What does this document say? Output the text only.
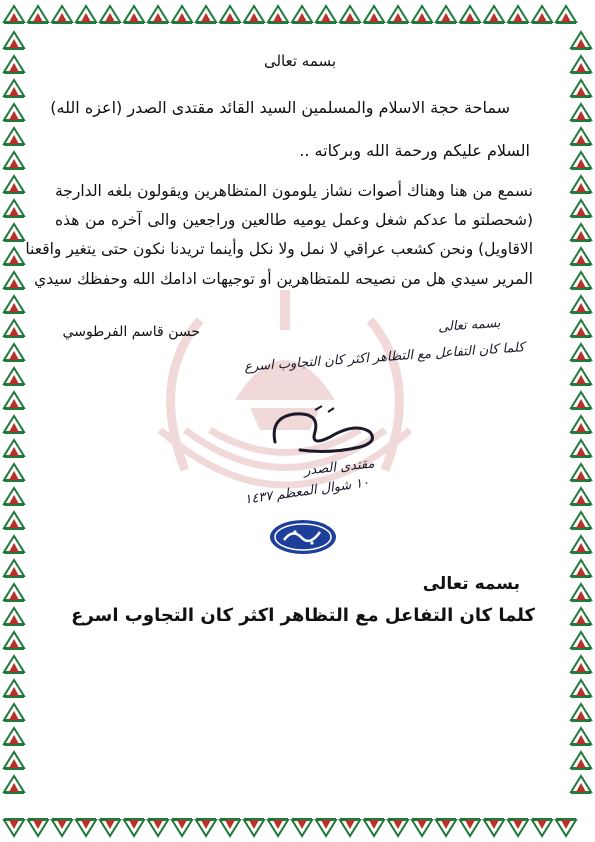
بسمه تعالى
سماحة حجة الاسلام والمسلمين السيد القائد مقتدى الصدر (اعزه الله)
السلام عليكم ورحمة الله وبركاته ..
نسمع من هنا وهناك أصوات نشاز يلومون المتظاهرين ويقولون بلغه الدارجة
(شحصلتو ما عدكم شغل وعمل يوميه طالعين وراجعين والى آخره من هذه
الاقاويل) ونحن كشعب عراقي لا نمل ولا نكل وأينما تريدنا نكون حتى يتغير واقعنا
المرير سيدي هل من نصيحه للمتظاهرين أو توجيهات ادامك الله وحفظك سيدي
حسن قاسم الفرطوسي	بسمه تعالى
كلما كان التفاعل مع التظاهر اكثر كان التجاوب اسرع
مقتدى الصدر
١٠ شوال المعظم ١٤٣٧
بسمه تعالى
كلما كان التفاعل مع التظاهر اكثر كان التجاوب اسرع
